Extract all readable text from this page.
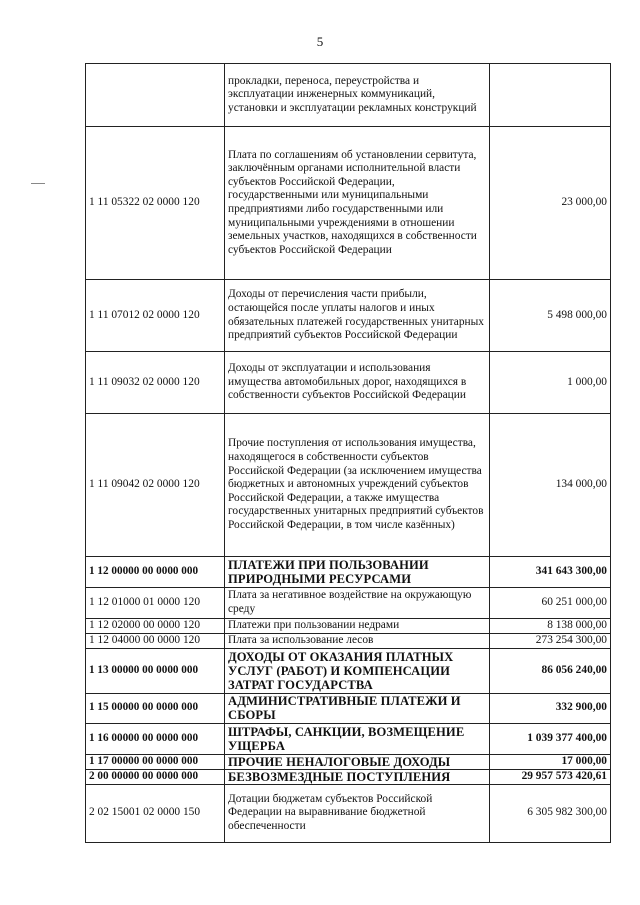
5
	прокладки, переноса, переустройства и эксплуатации инженерных коммуникаций, установки и эксплуатации рекламных конструкций	
1 11 05322 02 0000 120	Плата по соглашениям об установлении сервитута, заключённым органами исполнительной власти субъектов Российской Федерации, государственными или муниципальными предприятиями либо государственными или муниципальными учреждениями в отношении земельных участков, находящихся в собственности субъектов Российской Федерации	23 000,00
1 11 07012 02 0000 120	Доходы от перечисления части прибыли, остающейся после уплаты налогов и иных обязательных платежей государственных унитарных предприятий субъектов Российской Федерации	5 498 000,00
1 11 09032 02 0000 120	Доходы от эксплуатации и использования имущества автомобильных дорог, находящихся в собственности субъектов Российской Федерации	1 000,00
1 11 09042 02 0000 120	Прочие поступления от использования имущества, находящегося в собственности субъектов Российской Федерации (за исключением имущества бюджетных и автономных учреждений субъектов Российской Федерации, а также имущества государственных унитарных предприятий субъектов Российской Федерации, в том числе казённых)	134 000,00
1 12 00000 00 0000 000	ПЛАТЕЖИ ПРИ ПОЛЬЗОВАНИИ ПРИРОДНЫМИ РЕСУРСАМИ	341 643 300,00
1 12 01000 01 0000 120	Плата за негативное воздействие на окружающую среду	60 251 000,00
1 12 02000 00 0000 120	Платежи при пользовании недрами	8 138 000,00
1 12 04000 00 0000 120	Плата за использование лесов	273 254 300,00
1 13 00000 00 0000 000	ДОХОДЫ ОТ ОКАЗАНИЯ ПЛАТНЫХ УСЛУГ (РАБОТ) И КОМПЕНСАЦИИ ЗАТРАТ ГОСУДАРСТВА	86 056 240,00
1 15 00000 00 0000 000	АДМИНИСТРАТИВНЫЕ ПЛАТЕЖИ И СБОРЫ	332 900,00
1 16 00000 00 0000 000	ШТРАФЫ, САНКЦИИ, ВОЗМЕЩЕНИЕ УЩЕРБА	1 039 377 400,00
1 17 00000 00 0000 000	ПРОЧИЕ НЕНАЛОГОВЫЕ ДОХОДЫ	17 000,00
2 00 00000 00 0000 000	БЕЗВОЗМЕЗДНЫЕ ПОСТУПЛЕНИЯ	29 957 573 420,61
2 02 15001 02 0000 150	Дотации бюджетам субъектов Российской Федерации на выравнивание бюджетной обеспеченности	6 305 982 300,00
